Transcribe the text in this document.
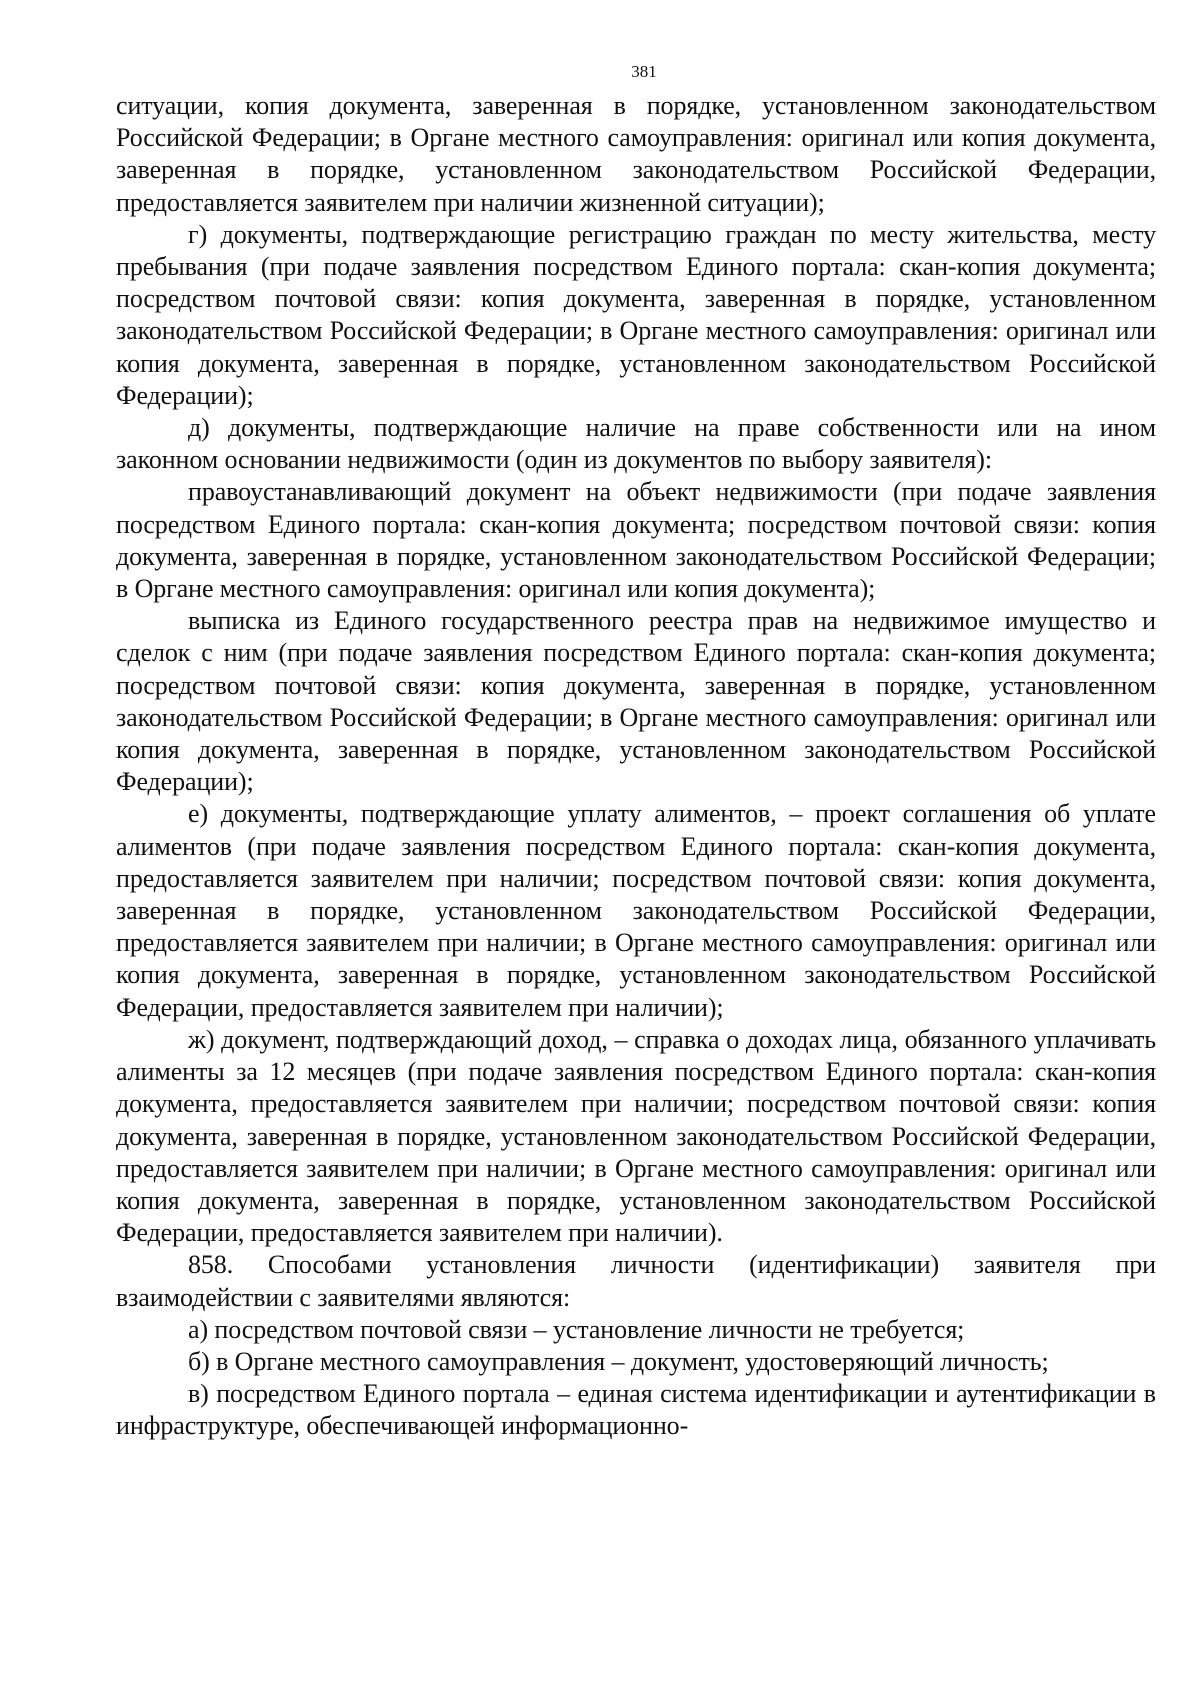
381

ситуации, копия документа, заверенная в порядке, установленном законодательством Российской Федерации; в Органе местного самоуправления: оригинал или копия документа, заверенная в порядке, установленном законодательством Российской Федерации, предоставляется заявителем при наличии жизненной ситуации);

г) документы, подтверждающие регистрацию граждан по месту жительства, месту пребывания (при подаче заявления посредством Единого портала: скан-копия документа; посредством почтовой связи: копия документа, заверенная в порядке, установленном законодательством Российской Федерации; в Органе местного самоуправления: оригинал или копия документа, заверенная в порядке, установленном законодательством Российской Федерации);

д) документы, подтверждающие наличие на праве собственности или на ином законном основании недвижимости (один из документов по выбору заявителя):

правоустанавливающий документ на объект недвижимости (при подаче заявления посредством Единого портала: скан-копия документа; посредством почтовой связи: копия документа, заверенная в порядке, установленном законодательством Российской Федерации; в Органе местного самоуправления: оригинал или копия документа);

выписка из Единого государственного реестра прав на недвижимое имущество и сделок с ним (при подаче заявления посредством Единого портала: скан-копия документа; посредством почтовой связи: копия документа, заверенная в порядке, установленном законодательством Российской Федерации; в Органе местного самоуправления: оригинал или копия документа, заверенная в порядке, установленном законодательством Российской Федерации);

е) документы, подтверждающие уплату алиментов, – проект соглашения об уплате алиментов (при подаче заявления посредством Единого портала: скан-копия документа, предоставляется заявителем при наличии; посредством почтовой связи: копия документа, заверенная в порядке, установленном законодательством Российской Федерации, предоставляется заявителем при наличии; в Органе местного самоуправления: оригинал или копия документа, заверенная в порядке, установленном законодательством Российской Федерации, предоставляется заявителем при наличии);

ж) документ, подтверждающий доход, – справка о доходах лица, обязанного уплачивать алименты за 12 месяцев (при подаче заявления посредством Единого портала: скан-копия документа, предоставляется заявителем при наличии; посредством почтовой связи: копия документа, заверенная в порядке, установленном законодательством Российской Федерации, предоставляется заявителем при наличии; в Органе местного самоуправления: оригинал или копия документа, заверенная в порядке, установленном законодательством Российской Федерации, предоставляется заявителем при наличии).

858. Способами установления личности (идентификации) заявителя при взаимодействии с заявителями являются:

а) посредством почтовой связи – установление личности не требуется;

б) в Органе местного самоуправления – документ, удостоверяющий личность;

в) посредством Единого портала – единая система идентификации и аутентификации в инфраструктуре, обеспечивающей информационно-
